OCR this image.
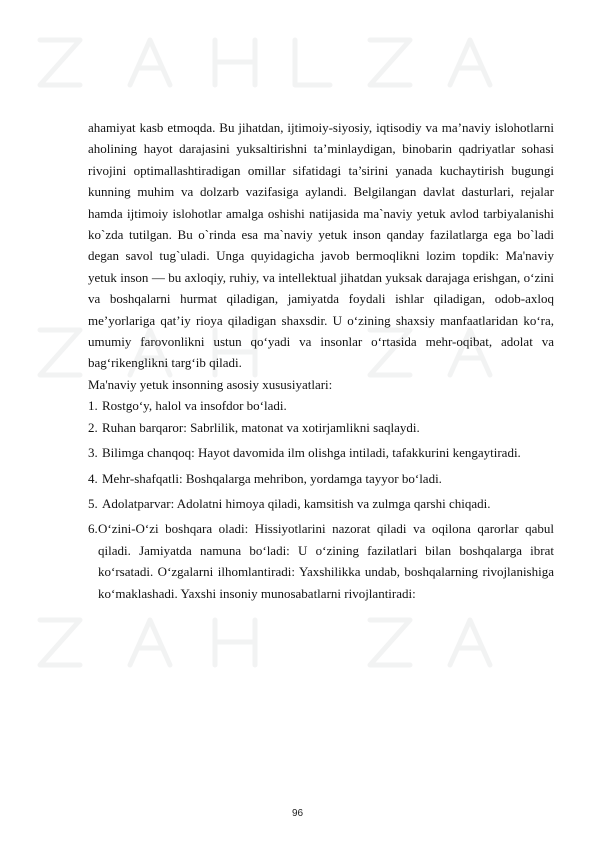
ahamiyat kasb etmoqda. Bu jihatdan, ijtimoiy-siyosiy, iqtisodiy va ma’naviy islohotlarni aholining hayot darajasini yuksaltirishni ta’minlaydigan, binobarin qadriyatlar sohasi rivojini optimallashtiradigan omillar sifatidagi ta’sirini yanada kuchaytirish bugungi kunning muhim va dolzarb vazifasiga aylandi. Belgilangan davlat dasturlari, rejalar hamda ijtimoiy islohotlar amalga oshishi natijasida ma`naviy yetuk avlod tarbiyalanishi ko`zda tutilgan. Bu o`rinda esa ma`naviy yetuk inson qanday fazilatlarga ega bo`ladi degan savol tug`uladi. Unga quyidagicha javob bermoqlikni lozim topdik: Ma'naviy yetuk inson — bu axloqiy, ruhiy, va intellektual jihatdan yuksak darajaga erishgan, o‘zini va boshqalarni hurmat qiladigan, jamiyatda foydali ishlar qiladigan, odob-axloq me’yorlariga qat’iy rioya qiladigan shaxsdir. U o‘zining shaxsiy manfaatlaridan ko‘ra, umumiy farovonlikni ustun qo‘yadi va insonlar o‘rtasida mehr-oqibat, adolat va bag‘rikenglikni targ‘ib qiladi.

Ma'naviy yetuk insonning asosiy xususiyatlari:

1. Rostgo‘y, halol va insofdor bo‘ladi.
2. Ruhan barqaror: Sabrlilik, matonat va xotirjamlikni saqlaydi.
3. Bilimga chanqoq: Hayot davomida ilm olishga intiladi, tafakkurini kengaytiradi.
4. Mehr-shafqatli: Boshqalarga mehribon, yordamga tayyor bo‘ladi.
5. Adolatparvar: Adolatni himoya qiladi, kamsitish va zulmga qarshi chiqadi.
6. O‘zini-O‘zi boshqara oladi: Hissiyotlarini nazorat qiladi va oqilona qarorlar qabul qiladi. Jamiyatda namuna bo‘ladi: U o‘zining fazilatlari bilan boshqalarga ibrat ko‘rsatadi. O‘zgalarni ilhomlantiradi: Yaxshilikka undab, boshqalarning rivojlanishiga ko‘maklashadi. Yaxshi insoniy munosabatlarni rivojlantiradi:
96
